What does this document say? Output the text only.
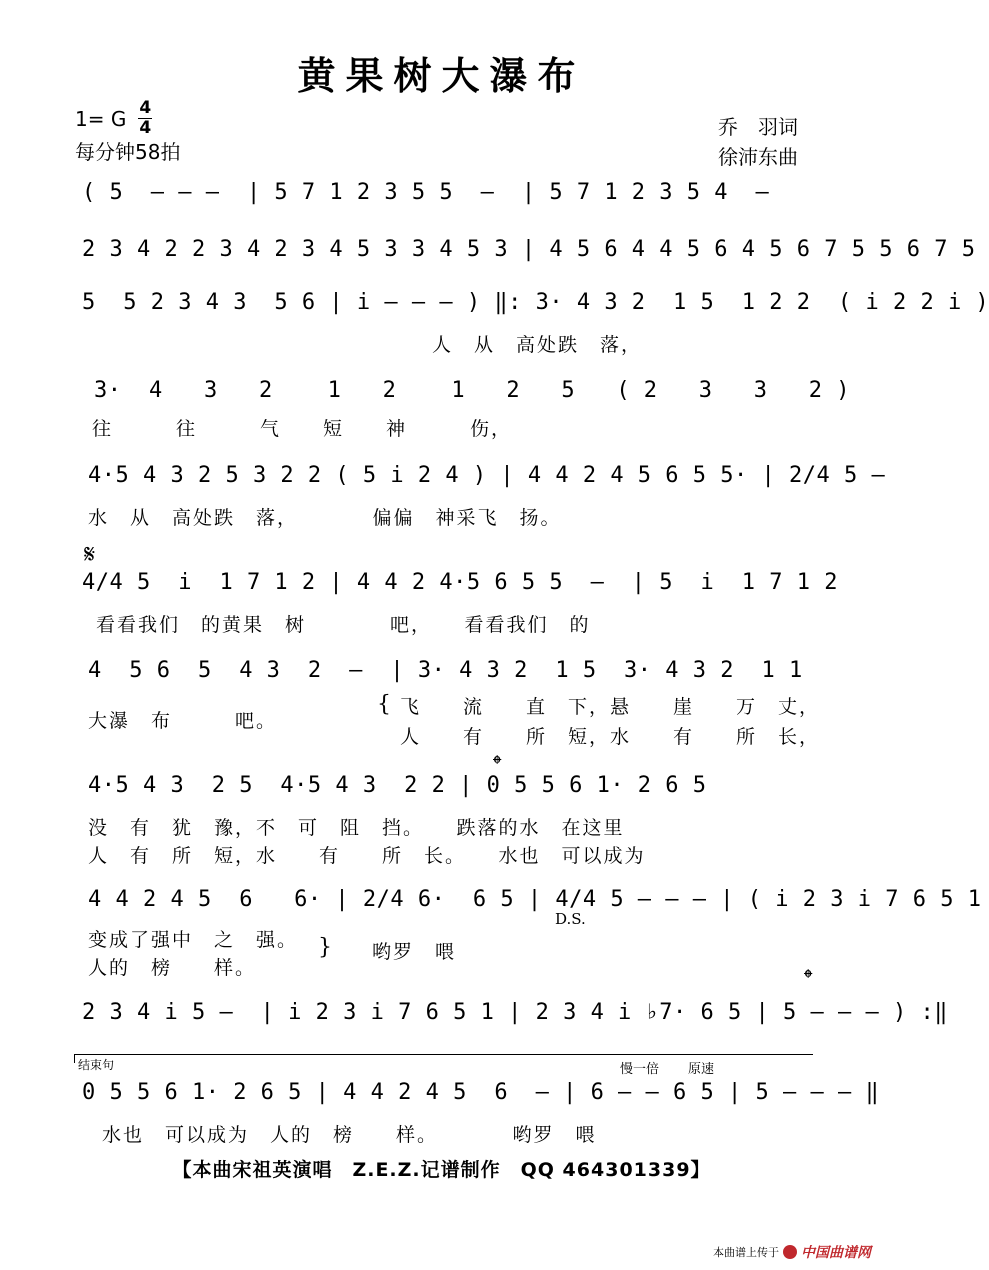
黄果树大瀑布
1= G $\frac{4}{4}$
每分钟58拍
乔　羽词
徐沛东曲
( 5  — — —  | 5 7 1 2 3 5 5  —  | 5 7 1 2 3 5 4  —
2 3 4 2 2 3 4 2 3 4 5 3 3 4 5 3 | 4 5 6 4 4 5 6 4 5 6 7 5 5 6 7 5
5  5 2 3 4 3  5 6 | i — — — ) ‖: 3· 4 3 2  1 5  1 2 2  ( i 2 2 i )
人　从　高处跌　落，
3·  4   3   2    1   2    1   2   5   ( 2   3   3   2 )
往　　　往　　　气　　短　　神　　　伤，
4·5 4 3 2 5 3 2 2 ( 5 i 2 4 ) | 4 4 2 4 5 6 5 5· | 2/4 5 —
水　从　高处跌　落，　　　　偏偏　神采飞　扬。
𝄋
4/4 5  i  1 7 1 2 | 4 4 2 4·5 6 5 5  —  | 5  i  1 7 1 2
看看我们　的黄果　树　　　　吧，　　看看我们　的
4  5 6  5  4 3  2  —  | 3· 4 3 2  1 5  3· 4 3 2  1 1
大瀑　布　　　吧。
{ 飞　　流　　直　下，悬　　崖　　万　丈，
人　　有　　所　短，水　　有　　所　长，
𝄌
4·5 4 3  2 5  4·5 4 3  2 2 | 0 5 5 6 1· 2 6 5
没　有　犹　豫，不　可　阻　挡。　　跌落的水　在这里
人　有　所　短，水　　有　　所　长。　　水也　可以成为
4 4 2 4 5  6   6· | 2/4 6·  6 5 | 4/4 5 — — — | ( i 2 3 i 7 6 5 1
变成了强中　之　强。
人的　榜　　样。
} 哟罗　喂
D.S.
𝄌
2 3 4 i 5 —  | i 2 3 i 7 6 5 1 | 2 3 4 i ♭7· 6 5 | 5 — — — ) :‖
结束句	慢一倍 原速
0 5 5 6 1· 2 6 5 | 4 4 2 4 5  6  — | 6 — — 6 5 | 5 — — — ‖
水也　可以成为　人的　榜　　样。　　　　哟罗　喂
【本曲宋祖英演唱　Z.E.Z.记谱制作　QQ 464301339】
本曲谱上传于 中国曲谱网
